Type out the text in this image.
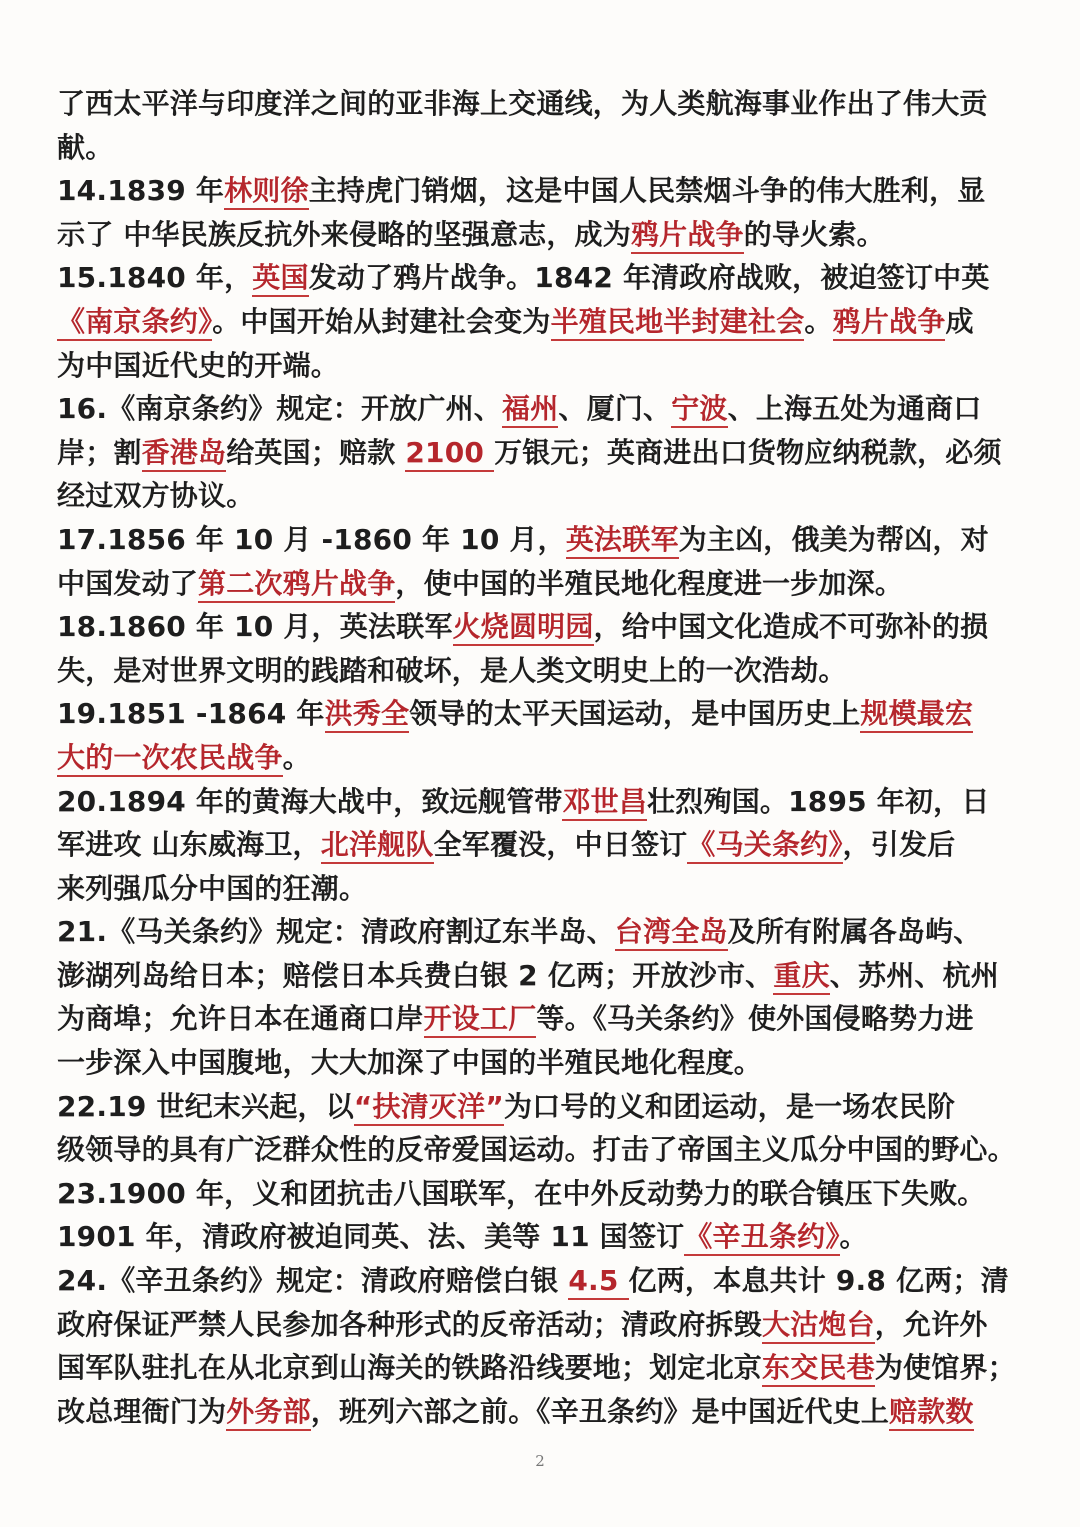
了西太平洋与印度洋之间的亚非海上交通线，为人类航海事业作出了伟大贡
献。
14.1839 年林则徐主持虎门销烟，这是中国人民禁烟斗争的伟大胜利，显
示了 中华民族反抗外来侵略的坚强意志，成为鸦片战争的导火索。
15.1840 年，英国发动了鸦片战争。1842 年清政府战败，被迫签订中英
《南京条约》。中国开始从封建社会变为半殖民地半封建社会。鸦片战争成
为中国近代史的开端。
16.《南京条约》规定：开放广州、福州、厦门、宁波、上海五处为通商口
岸；割香港岛给英国；赔款 2100 万银元；英商进出口货物应纳税款，必须
经过双方协议。
17.1856 年 10 月 -1860 年 10 月，英法联军为主凶，俄美为帮凶，对
中国发动了第二次鸦片战争，使中国的半殖民地化程度进一步加深。
18.1860 年 10 月，英法联军火烧圆明园，给中国文化造成不可弥补的损
失，是对世界文明的践踏和破坏，是人类文明史上的一次浩劫。
19.1851 -1864 年洪秀全领导的太平天国运动，是中国历史上规模最宏
大的一次农民战争。
20.1894 年的黄海大战中，致远舰管带邓世昌壮烈殉国。1895 年初，日
军进攻 山东威海卫，北洋舰队全军覆没，中日签订《马关条约》，引发后
来列强瓜分中国的狂潮。
21.《马关条约》规定：清政府割辽东半岛、台湾全岛及所有附属各岛屿、
澎湖列岛给日本；赔偿日本兵费白银 2 亿两；开放沙市、重庆、苏州、杭州
为商埠；允许日本在通商口岸开设工厂等。《马关条约》使外国侵略势力进
一步深入中国腹地，大大加深了中国的半殖民地化程度。
22.19 世纪末兴起，以“扶清灭洋”为口号的义和团运动，是一场农民阶
级领导的具有广泛群众性的反帝爱国运动。打击了帝国主义瓜分中国的野心。
23.1900 年，义和团抗击八国联军，在中外反动势力的联合镇压下失败。
1901 年，清政府被迫同英、法、美等 11 国签订《辛丑条约》。
24.《辛丑条约》规定：清政府赔偿白银 4.5 亿两，本息共计 9.8 亿两；清
政府保证严禁人民参加各种形式的反帝活动；清政府拆毁大沽炮台，允许外
国军队驻扎在从北京到山海关的铁路沿线要地；划定北京东交民巷为使馆界；
改总理衙门为外务部，班列六部之前。《辛丑条约》是中国近代史上赔款数
2
